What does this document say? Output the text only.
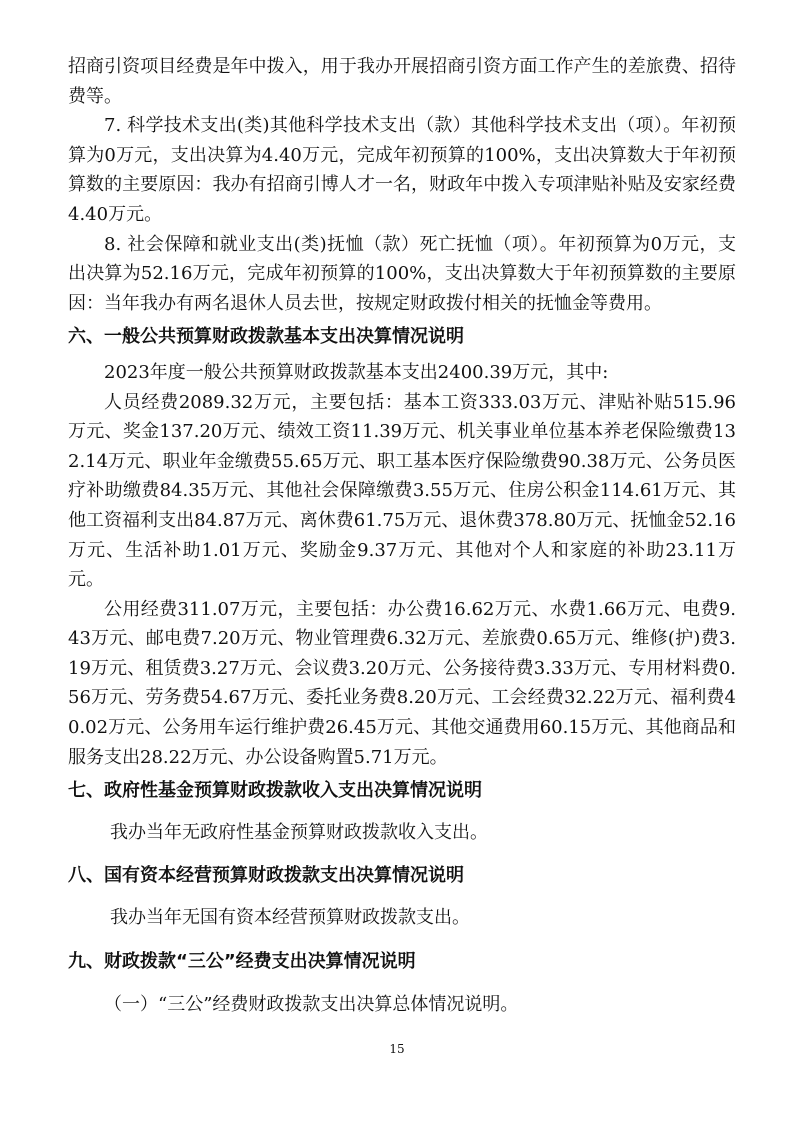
招商引资项目经费是年中拨入，用于我办开展招商引资方面工作产生的差旅费、招待费等。

7. 科学技术支出(类)其他科学技术支出（款）其他科学技术支出（项）。年初预算为0万元，支出决算为4.40万元，完成年初预算的100%，支出决算数大于年初预算数的主要原因：我办有招商引博人才一名，财政年中拨入专项津贴补贴及安家经费4.40万元。

8. 社会保障和就业支出(类)抚恤（款）死亡抚恤（项）。年初预算为0万元，支出决算为52.16万元，完成年初预算的100%，支出决算数大于年初预算数的主要原因：当年我办有两名退休人员去世，按规定财政拨付相关的抚恤金等费用。

六、一般公共预算财政拨款基本支出决算情况说明

2023年度一般公共预算财政拨款基本支出2400.39万元，其中:

人员经费2089.32万元，主要包括：基本工资333.03万元、津贴补贴515.96万元、奖金137.20万元、绩效工资11.39万元、机关事业单位基本养老保险缴费132.14万元、职业年金缴费55.65万元、职工基本医疗保险缴费90.38万元、公务员医疗补助缴费84.35万元、其他社会保障缴费3.55万元、住房公积金114.61万元、其他工资福利支出84.87万元、离休费61.75万元、退休费378.80万元、抚恤金52.16万元、生活补助1.01万元、奖励金9.37万元、其他对个人和家庭的补助23.11万元。

公用经费311.07万元，主要包括：办公费16.62万元、水费1.66万元、电费9.43万元、邮电费7.20万元、物业管理费6.32万元、差旅费0.65万元、维修(护)费3.19万元、租赁费3.27万元、会议费3.20万元、公务接待费3.33万元、专用材料费0.56万元、劳务费54.67万元、委托业务费8.20万元、工会经费32.22万元、福利费40.02万元、公务用车运行维护费26.45万元、其他交通费用60.15万元、其他商品和服务支出28.22万元、办公设备购置5.71万元。

七、政府性基金预算财政拨款收入支出决算情况说明

我办当年无政府性基金预算财政拨款收入支出。

八、国有资本经营预算财政拨款支出决算情况说明

我办当年无国有资本经营预算财政拨款支出。

九、财政拨款“三公”经费支出决算情况说明

（一）“三公”经费财政拨款支出决算总体情况说明。

15
